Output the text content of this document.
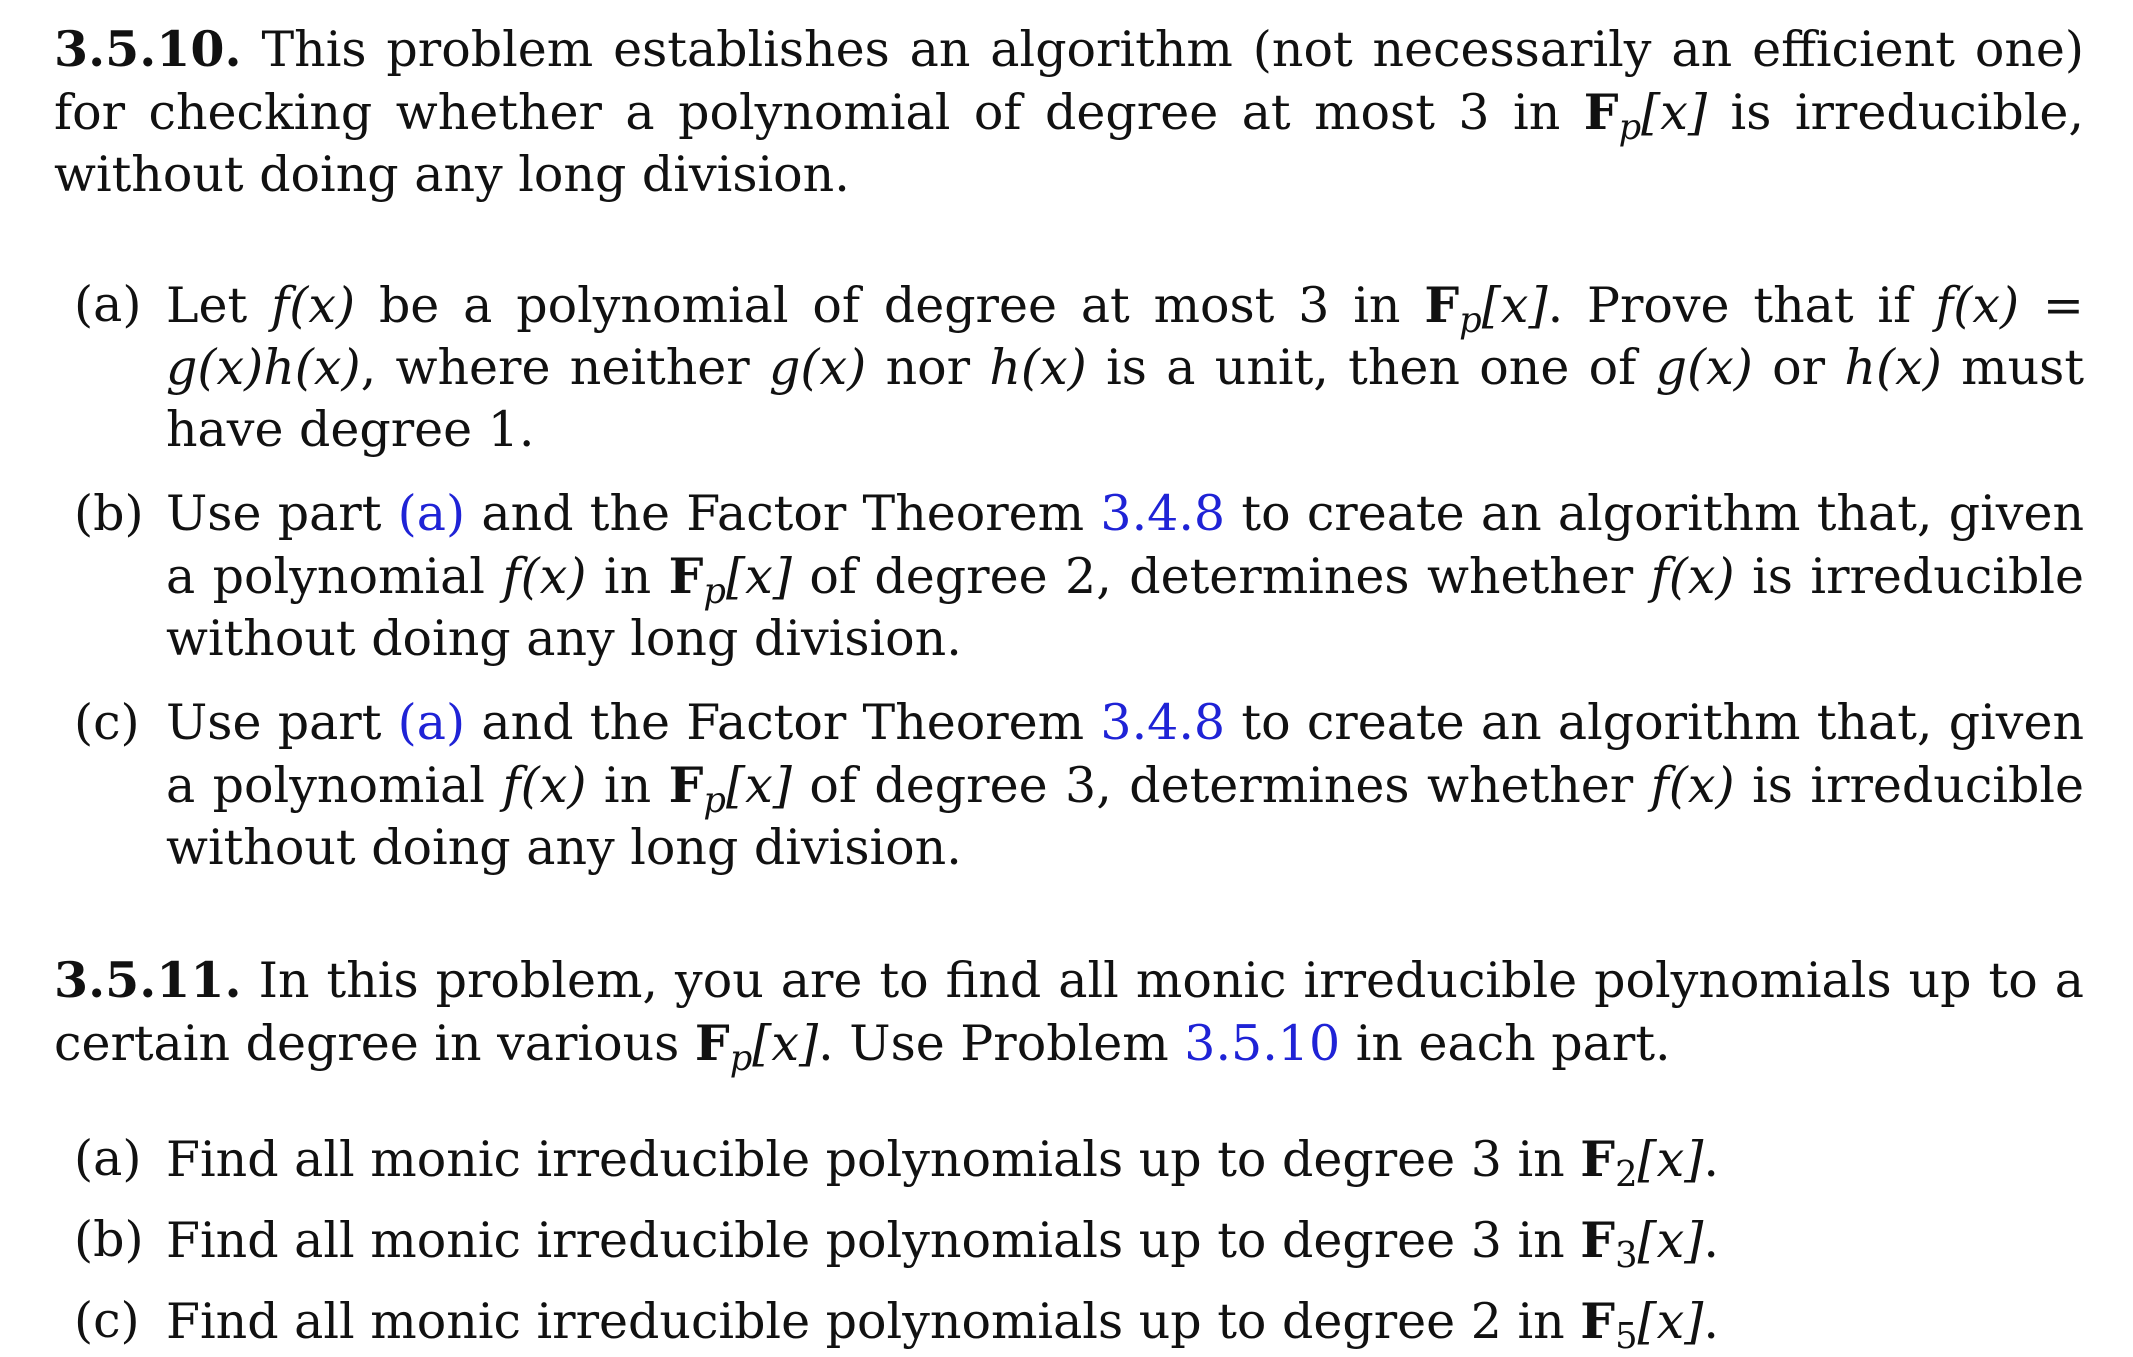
3.5.10. This problem establishes an algorithm (not necessarily an efficient one) for checking whether a polynomial of degree at most 3 in $F_p[x]$ is irreducible, without doing any long division.

(a) Let f(x) be a polynomial of degree at most 3 in $F_p[x]$. Prove that if f(x) = g(x)h(x), where neither g(x) nor h(x) is a unit, then one of g(x) or h(x) must have degree 1.
(b) Use part (a) and the Factor Theorem 3.4.8 to create an algorithm that, given a polynomial f(x) in $F_p[x]$ of degree 2, determines whether f(x) is irreducible without doing any long division.
(c) Use part (a) and the Factor Theorem 3.4.8 to create an algorithm that, given a polynomial f(x) in $F_p[x]$ of degree 3, determines whether f(x) is irreducible without doing any long division.

3.5.11. In this problem, you are to find all monic irreducible polynomials up to a certain degree in various $F_p[x]$. Use Problem 3.5.10 in each part.

(a) Find all monic irreducible polynomials up to degree 3 in $F_2[x]$.
(b) Find all monic irreducible polynomials up to degree 3 in $F_3[x]$.
(c) Find all monic irreducible polynomials up to degree 2 in $F_5[x]$.
